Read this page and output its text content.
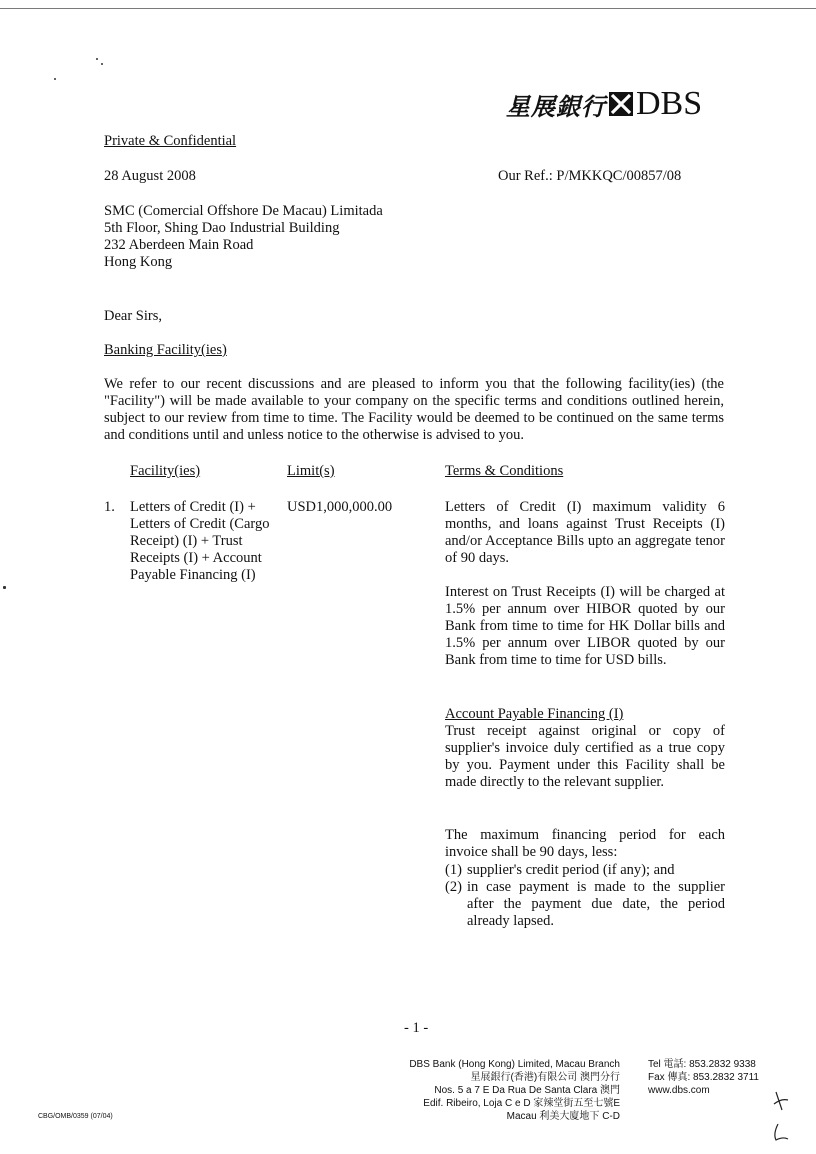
星展銀行 DBS
Private & Confidential
28 August 2008	Our Ref.: P/MKKQC/00857/08
SMC (Comercial Offshore De Macau) Limitada
5th Floor, Shing Dao Industrial Building
232 Aberdeen Main Road
Hong Kong
Dear Sirs,
Banking Facility(ies)
We refer to our recent discussions and are pleased to inform you that the following facility(ies) (the "Facility") will be made available to your company on the specific terms and conditions outlined herein, subject to our review from time to time. The Facility would be deemed to be continued on the same terms and conditions until and unless notice to the otherwise is advised to you.
Facility(ies)	Limit(s)	Terms & Conditions
1. Letters of Credit (I) + Letters of Credit (Cargo Receipt) (I) + Trust Receipts (I) + Account Payable Financing (I)
USD1,000,000.00	Letters of Credit (I) maximum validity 6 months, and loans against Trust Receipts (I) and/or Acceptance Bills upto an aggregate tenor of 90 days.
Interest on Trust Receipts (I) will be charged at 1.5% per annum over HIBOR quoted by our Bank from time to time for HK Dollar bills and 1.5% per annum over LIBOR quoted by our Bank from time to time for USD bills.
Account Payable Financing (I)
Trust receipt against original or copy of supplier's invoice duly certified as a true copy by you. Payment under this Facility shall be made directly to the relevant supplier.
The maximum financing period for each invoice shall be 90 days, less:
(1) supplier's credit period (if any); and
(2) in case payment is made to the supplier after the payment due date, the period already lapsed.
- 1 -
DBS Bank (Hong Kong) Limited, Macau Branch
星展銀行(香港)有限公司 澳門分行
Nos. 5 a 7 E Da Rua De Santa Clara 澳門
Edif. Ribeiro, Loja C e D 家辣堂街五至七號E
Macau 利美大廈地下 C-D
Tel 電話: 853.2832 9338
Fax 傳真: 853.2832 3711
www.dbs.com
CBG/OMB/0359 (07/04)
